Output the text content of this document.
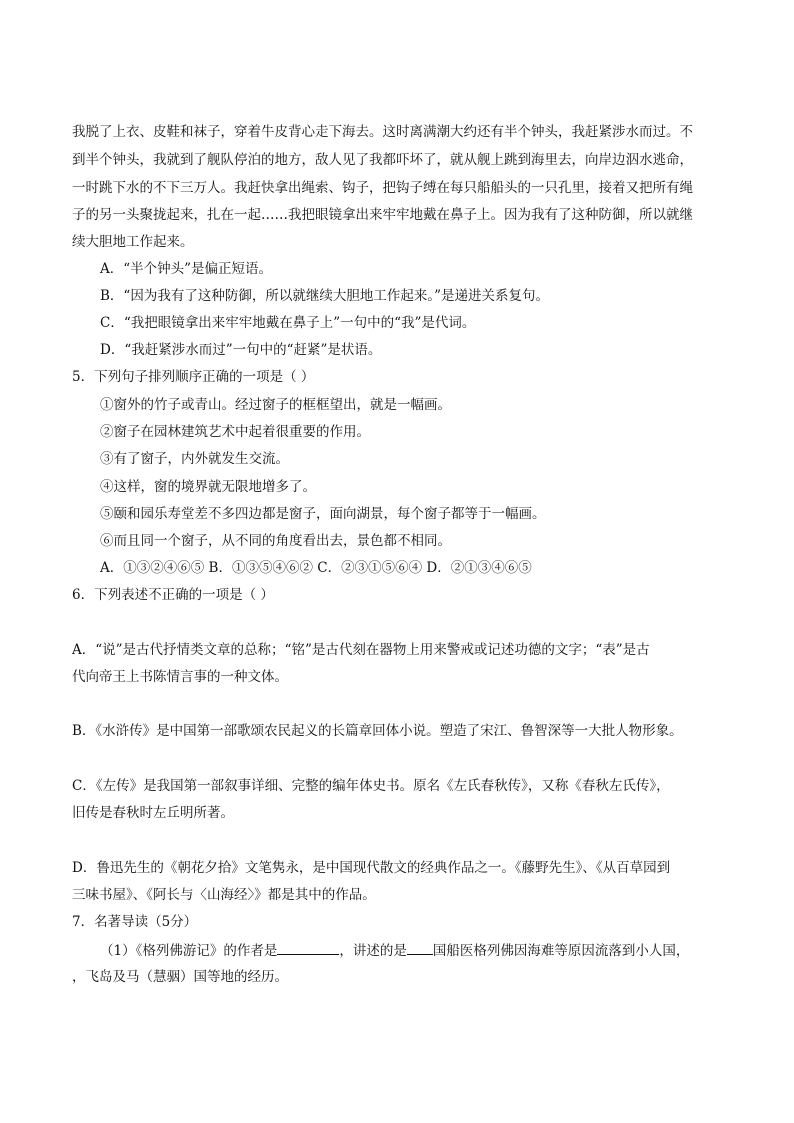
我脱了上衣、皮鞋和袜子，穿着牛皮背心走下海去。这时离满潮大约还有半个钟头，我赶紧涉水而过。不
到半个钟头，我就到了舰队停泊的地方，敌人见了我都吓坏了，就从舰上跳到海里去，向岸边泅水逃命，
一时跳下水的不下三万人。我赶快拿出绳索、钩子，把钩子缚在每只船船头的一只孔里，接着又把所有绳
子的另一头聚拢起来，扎在一起……我把眼镜拿出来牢牢地戴在鼻子上。因为我有了这种防御，所以就继
续大胆地工作起来。
A．“半个钟头”是偏正短语。
B．“因为我有了这种防御，所以就继续大胆地工作起来。”是递进关系复句。
C．“我把眼镜拿出来牢牢地戴在鼻子上”一句中的“我”是代词。
D．“我赶紧涉水而过”一句中的“赶紧”是状语。
5．下列句子排列顺序正确的一项是（ ）
①窗外的竹子或青山。经过窗子的框框望出，就是一幅画。
②窗子在园林建筑艺术中起着很重要的作用。
③有了窗子，内外就发生交流。
④这样，窗的境界就无限地增多了。
⑤颐和园乐寿堂差不多四边都是窗子，面向湖景，每个窗子都等于一幅画。
⑥而且同一个窗子，从不同的角度看出去，景色都不相同。
A．①③②④⑥⑤ B．①③⑤④⑥② C．②③①⑤⑥④ D．②①③④⑥⑤
6．下列表述不正确的一项是（ ）
A．“说”是古代抒情类文章的总称；“铭”是古代刻在器物上用来警戒或记述功德的文字；“表”是古
代向帝王上书陈情言事的一种文体。
B．《水浒传》是中国第一部歌颂农民起义的长篇章回体小说。塑造了宋江、鲁智深等一大批人物形象。
C．《左传》是我国第一部叙事详细、完整的编年体史书。原名《左氏春秋传》，又称《春秋左氏传》，
旧传是春秋时左丘明所著。
D．鲁迅先生的《朝花夕拾》文笔隽永，是中国现代散文的经典作品之一。《藤野先生》、《从百草园到
三味书屋》、《阿长与〈山海经〉》都是其中的作品。
7．名著导读（5分）
（1）《格列佛游记》的作者是	，讲述的是 国船医格列佛因海难等原因流落到小人国，
，飞岛及马（慧骃）国等地的经历。
